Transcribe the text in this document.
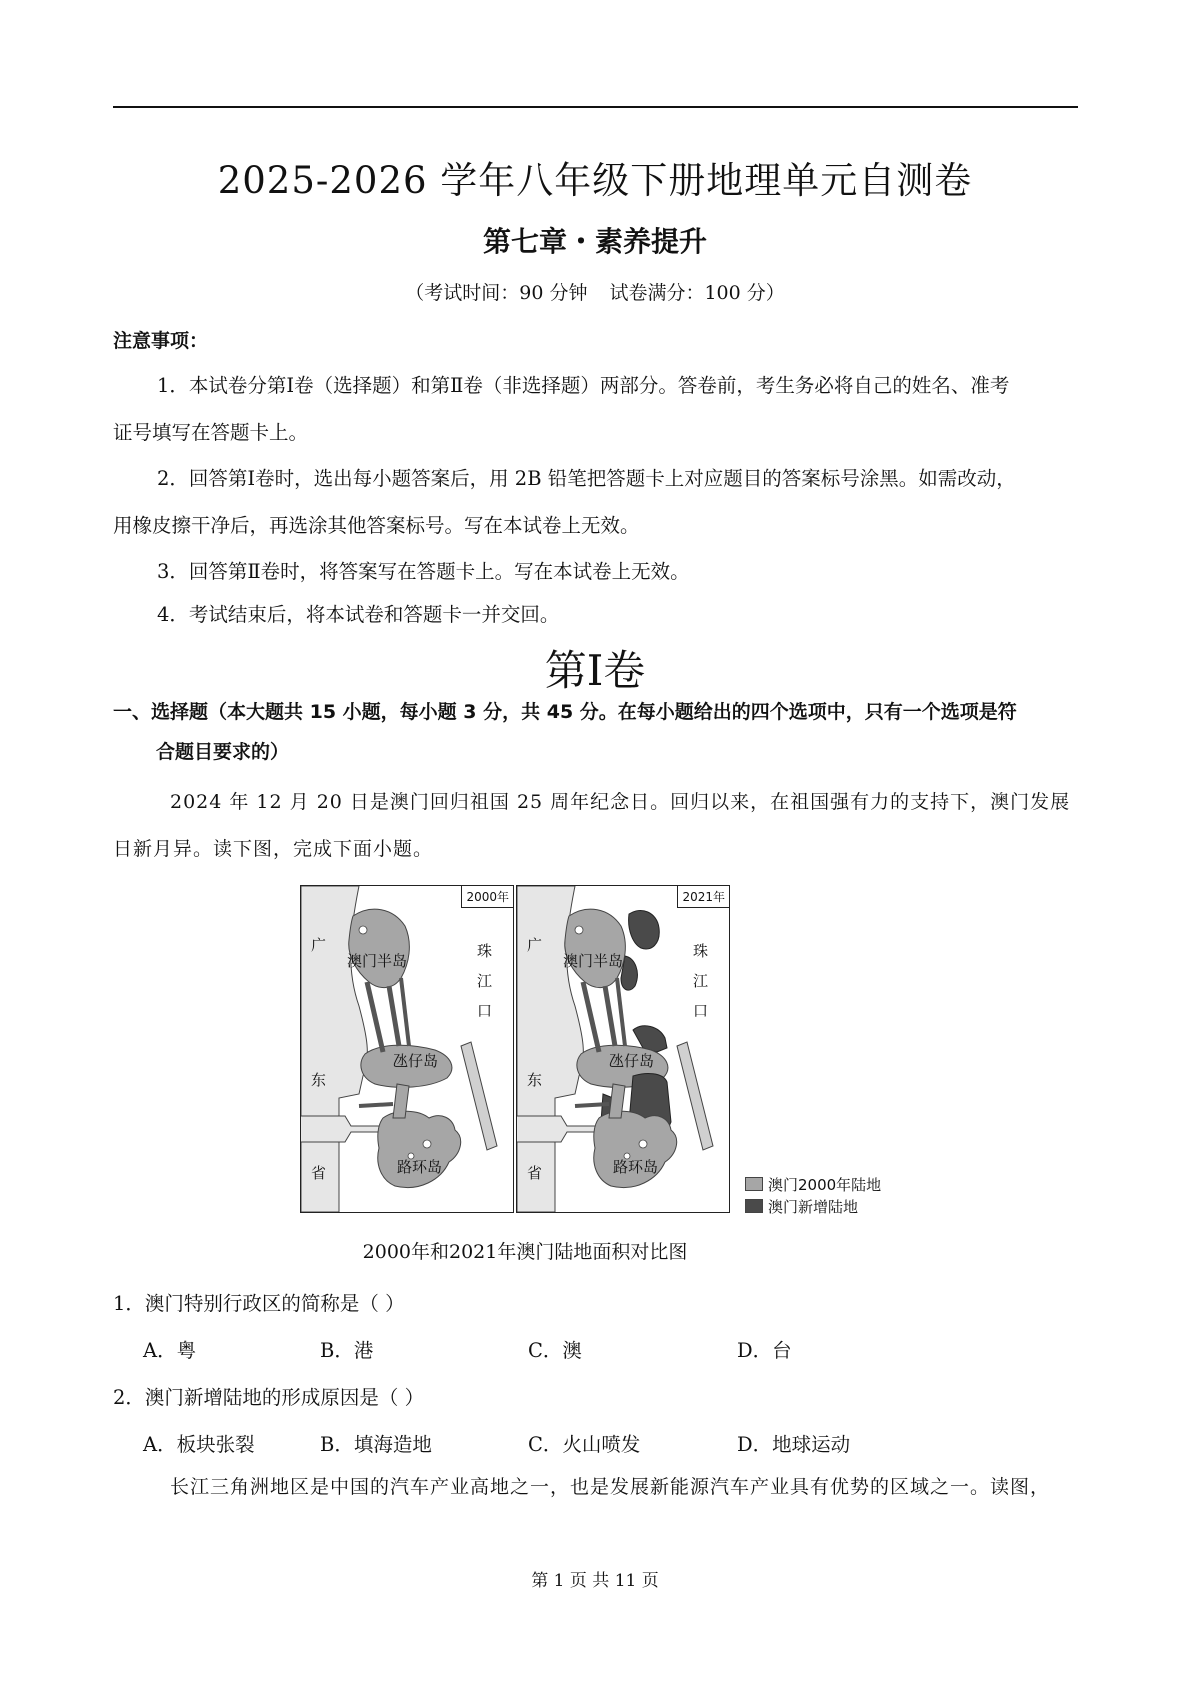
2025-2026 学年八年级下册地理单元自测卷
第七章・素养提升
（考试时间：90 分钟 试卷满分：100 分）
注意事项：
1．本试卷分第Ⅰ卷（选择题）和第Ⅱ卷（非选择题）两部分。答卷前，考生务必将自己的姓名、准考
证号填写在答题卡上。
2．回答第Ⅰ卷时，选出每小题答案后，用 2B 铅笔把答题卡上对应题目的答案标号涂黑。如需改动，
用橡皮擦干净后，再选涂其他答案标号。写在本试卷上无效。
3．回答第Ⅱ卷时，将答案写在答题卡上。写在本试卷上无效。
4．考试结束后，将本试卷和答题卡一并交回。
第Ⅰ卷
一、选择题（本大题共 15 小题，每小题 3 分，共 45 分。在每小题给出的四个选项中，只有一个选项是符
合题目要求的）
2024 年 12 月 20 日是澳门回归祖国 25 周年纪念日。回归以来，在祖国强有力的支持下，澳门发展
日新月异。读下图，完成下面小题。
2000年
广
东
省
澳门半岛
氹仔岛
路环岛
珠
江
口
2021年
广
东
省
澳门半岛
氹仔岛
路环岛
珠
江
口
澳门2000年陆地
澳门新增陆地
2000年和2021年澳门陆地面积对比图
1．澳门特别行政区的简称是（ ）
A．粤	B．港	C．澳	D．台
2．澳门新增陆地的形成原因是（ ）
A．板块张裂	B．填海造地	C．火山喷发	D．地球运动
长江三角洲地区是中国的汽车产业高地之一，也是发展新能源汽车产业具有优势的区域之一。读图，
第 1 页 共 11 页
